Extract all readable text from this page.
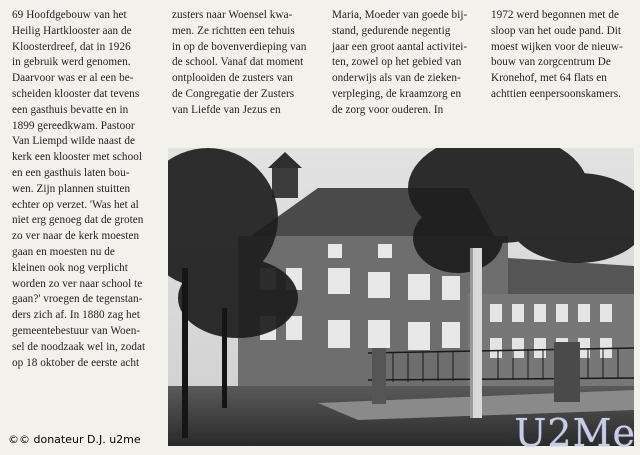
69 Hoofdgebouw van het
Heilig Hartklooster aan de
Kloosterdreef, dat in 1926
in gebruik werd genomen.
Daarvoor was er al een be-
scheiden klooster dat tevens
een gasthuis bevatte en in
1899 gereedkwam. Pastoor
Van Liempd wilde naast de
kerk een klooster met school
en een gasthuis laten bou-
wen. Zijn plannen stuitten
echter op verzet. 'Was het al
niet erg genoeg dat de groten
zo ver naar de kerk moesten
gaan en moesten nu de
kleinen ook nog verplicht
worden zo ver naar school te
gaan?' vroegen de tegenstan-
ders zich af. In 1880 zag het
gemeentebestuur van Woen-
sel de noodzaak wel in, zodat
op 18 oktober de eerste acht
zusters naar Woensel kwa-
men. Ze richtten een tehuis
in op de bovenverdieping van
de school. Vanaf dat moment
ontplooiden de zusters van
de Congregatie der Zusters
van Liefde van Jezus en
Maria, Moeder van goede bij-
stand, gedurende negentig
jaar een groot aantal activitei-
ten, zowel op het gebied van
onderwijs als van de zieken-
verpleging, de kraamzorg en
de zorg voor ouderen. In
1972 werd begonnen met de
sloop van het oude pand. Dit
moest wijken voor de nieuw-
bouw van zorgcentrum De
Kronehof, met 64 flats en
achttien eenpersoonskamers.
©© donateur D.J. u2me	U2Me
